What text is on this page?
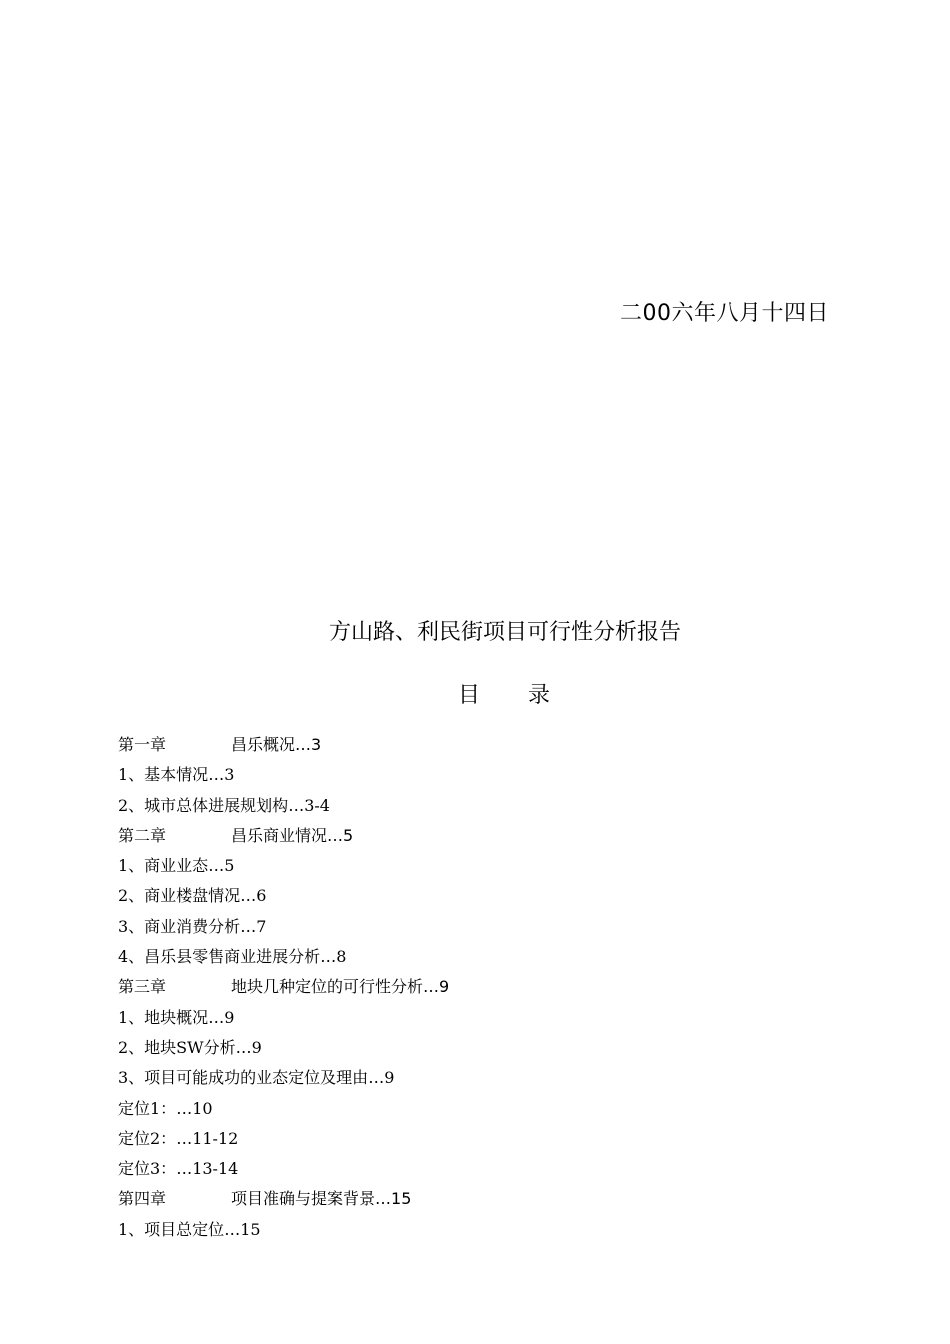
二00六年八月十四日
方山路、利民街项目可行性分析报告
目录
第一章	昌乐概况…3
1、基本情况…3
2、城市总体进展规划构…3-4
第二章	昌乐商业情况…5
1、商业业态…5
2、商业楼盘情况…6
3、商业消费分析…7
4、昌乐县零售商业进展分析…8
第三章	地块几种定位的可行性分析…9
1、地块概况…9
2、地块SW分析…9
3、项目可能成功的业态定位及理由…9
定位1：…10
定位2：…11-12
定位3：…13-14
第四章	项目准确与提案背景…15
1、项目总定位…15
